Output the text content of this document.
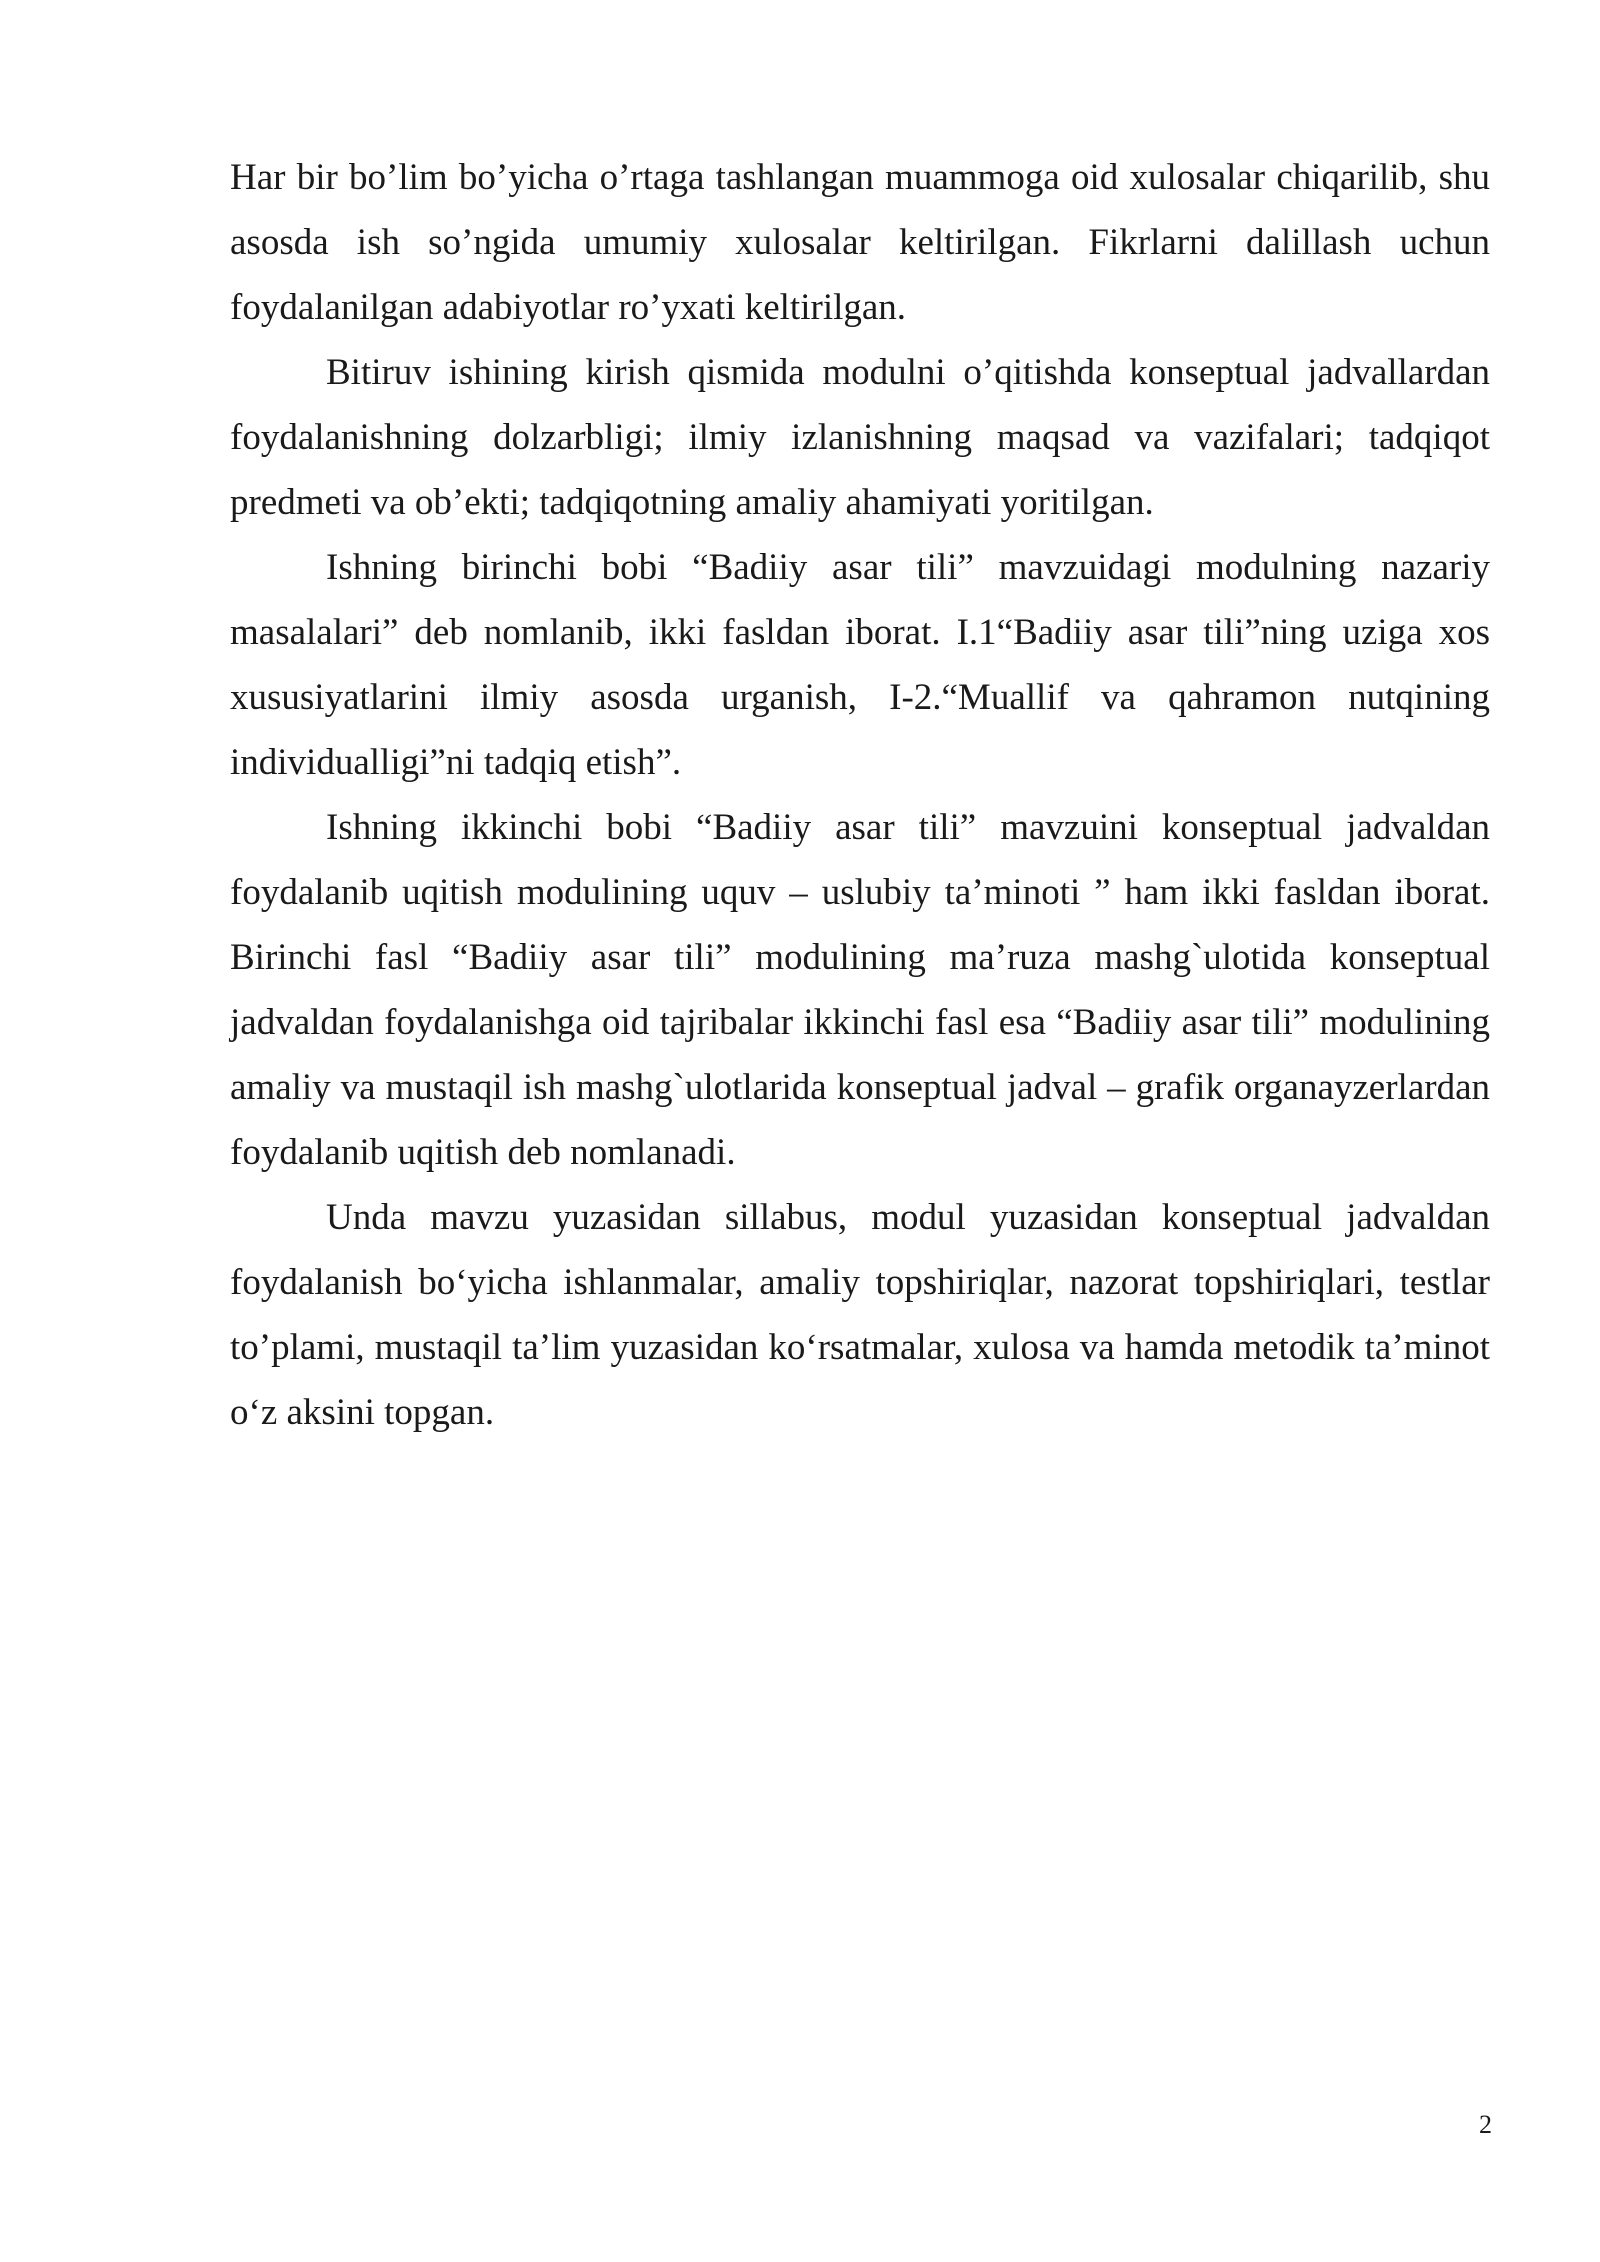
Har bir bo’lim bo’yicha o’rtaga tashlangan muammoga oid xulosalar chiqarilib, shu asosda ish so’ngida umumiy xulosalar keltirilgan. Fikrlarni dalillash uchun foydalanilgan adabiyotlar ro’yxati keltirilgan.

Bitiruv ishining kirish qismida modulni o’qitishda konseptual jadvallardan foydalanishning dolzarbligi; ilmiy izlanishning maqsad va vazifalari; tadqiqot predmeti va ob’ekti; tadqiqotning amaliy ahamiyati yoritilgan.

Ishning birinchi bobi “Badiiy asar tili” mavzuidagi modulning nazariy masalalari” deb nomlanib, ikki fasldan iborat. I.1“Badiiy asar tili”ning uziga xos xususiyatlarini ilmiy asosda urganish, I-2.“Muallif va qahramon nutqining individualligi”ni tadqiq etish”.

Ishning ikkinchi bobi “Badiiy asar tili” mavzuini konseptual jadvaldan foydalanib uqitish modulining uquv – uslubiy ta’minoti ” ham ikki fasldan iborat. Birinchi fasl “Badiiy asar tili” modulining ma’ruza mashg`ulotida konseptual jadvaldan foydalanishga oid tajribalar ikkinchi fasl esa “Badiiy asar tili” modulining amaliy va mustaqil ish mashg`ulotlarida konseptual jadval – grafik organayzerlardan foydalanib uqitish deb nomlanadi.

Unda mavzu yuzasidan sillabus, modul yuzasidan konseptual jadvaldan foydalanish bo‘yicha ishlanmalar, amaliy topshiriqlar, nazorat topshiriqlari, testlar to’plami, mustaqil ta’lim yuzasidan ko‘rsatmalar, xulosa va hamda metodik ta’minot o‘z aksini topgan.

2
